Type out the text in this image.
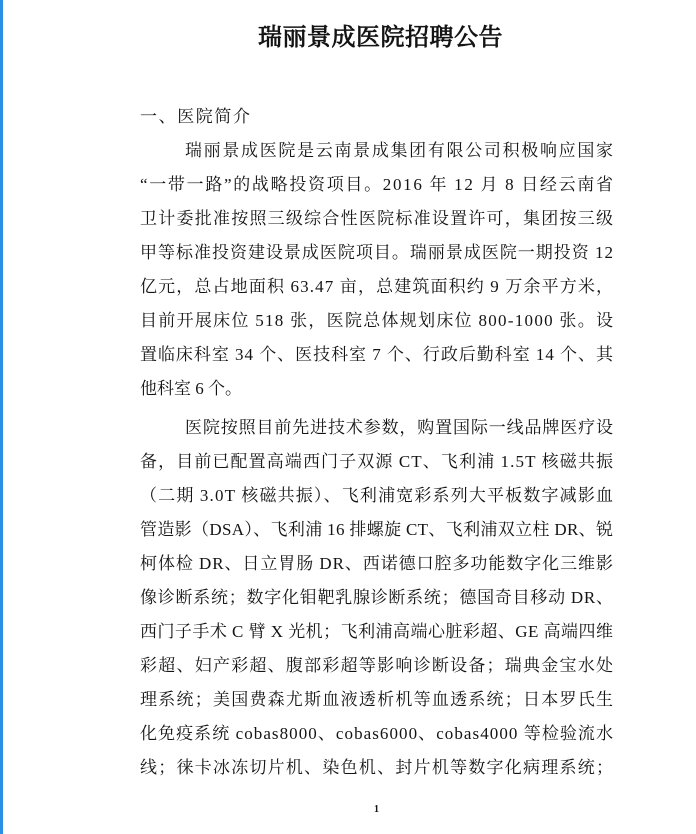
瑞丽景成医院招聘公告
一、医院简介
瑞丽景成医院是云南景成集团有限公司积极响应国家
“一带一路”的战略投资项目。2016 年 12 月 8 日经云南省
卫计委批准按照三级综合性医院标准设置许可，集团按三级
甲等标准投资建设景成医院项目。瑞丽景成医院一期投资 12
亿元，总占地面积 63.47 亩，总建筑面积约 9 万余平方米，
目前开展床位 518 张，医院总体规划床位 800-1000 张。设
置临床科室 34 个、医技科室 7 个、行政后勤科室 14 个、其
他科室 6 个。
医院按照目前先进技术参数，购置国际一线品牌医疗设
备，目前已配置高端西门子双源 CT、飞利浦 1.5T 核磁共振
（二期 3.0T 核磁共振）、飞利浦宽彩系列大平板数字减影血
管造影（DSA）、飞利浦 16 排螺旋 CT、飞利浦双立柱 DR、锐
柯体检 DR、日立胃肠 DR、西诺德口腔多功能数字化三维影
像诊断系统；数字化钼靶乳腺诊断系统；德国奇目移动 DR、
西门子手术 C 臂 X 光机；飞利浦高端心脏彩超、GE 高端四维
彩超、妇产彩超、腹部彩超等影响诊断设备；瑞典金宝水处
理系统；美国费森尤斯血液透析机等血透系统；日本罗氏生
化免疫系统 cobas8000、cobas6000、cobas4000 等检验流水
线；徕卡冰冻切片机、染色机、封片机等数字化病理系统；
1
